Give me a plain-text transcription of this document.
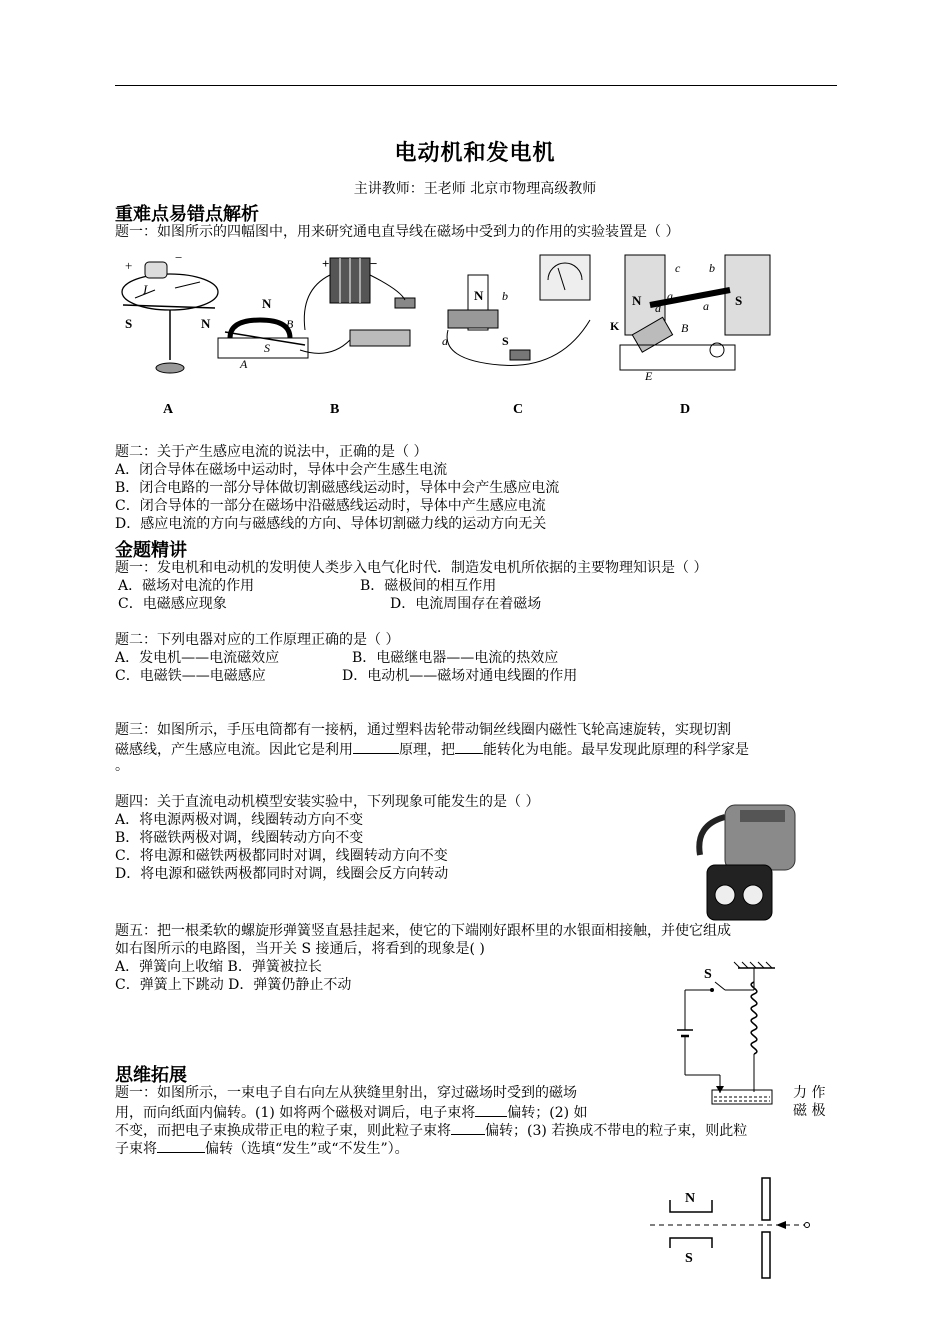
电动机和发电机
主讲教师：王老师 北京市物理高级教师
重难点易错点解析
题一：如图所示的四幅图中，用来研究通电直导线在磁场中受到力的作用的实验装置是（ ）
+
−
I
S	N
+	−
N
S
B
A
N b
a	S
c b
N	S
a
a
K
d
B
E
A	B	C	D
题二：关于产生感应电流的说法中，正确的是（ ）
A．闭合导体在磁场中运动时，导体中会产生感生电流
B．闭合电路的一部分导体做切割磁感线运动时，导体中会产生感应电流
C．闭合导体的一部分在磁场中沿磁感线运动时，导体中产生感应电流
D．感应电流的方向与磁感线的方向、导体切割磁力线的运动方向无关
金题精讲
题一：发电机和电动机的发明使人类步入电气化时代．制造发电机所依据的主要物理知识是（ ）
A．磁场对电流的作用	B．磁极间的相互作用
C．电磁感应现象	D．电流周围存在着磁场
题二：下列电器对应的工作原理正确的是（ ）
A．发电机——电流磁效应	B．电磁继电器——电流的热效应
C．电磁铁——电磁感应	D．电动机——磁场对通电线圈的作用
题三：如图所示，手压电筒都有一接柄，通过塑料齿轮带动铜丝线圈内磁性飞轮高速旋转，实现切割
磁感线，产生感应电流。因此它是利用	原理，把 能转化为电能。最早发现此原理的科学家是
。
题四：关于直流电动机模型安装实验中，下列现象可能发生的是（ ）
A．将电源两极对调，线圈转动方向不变
B．将磁铁两极对调，线圈转动方向不变
C．将电源和磁铁两极都同时对调，线圈转动方向不变
D．将电源和磁铁两极都同时对调，线圈会反方向转动
题五：把一根柔软的螺旋形弹簧竖直悬挂起来，使它的下端刚好跟杯里的水银面相接触，并使它组成
如右图所示的电路图，当开关 S 接通后，将看到的现象是( )
A．弹簧向上收缩 B．弹簧被拉长
C．弹簧上下跳动 D．弹簧仍静止不动
S
思维拓展
题一：如图所示，一束电子自右向左从狭缝里射出，穿过磁场时受到的磁场	力 作
用，而向纸面内偏转。(1) 如将两个磁极对调后，电子束将 偏转；(2) 如	磁 极
不变，而把电子束换成带正电的粒子束，则此粒子束将 偏转；(3) 若换成不带电的粒子束，则此粒
子束将	偏转（选填“发生”或“不发生”）。
N
S
